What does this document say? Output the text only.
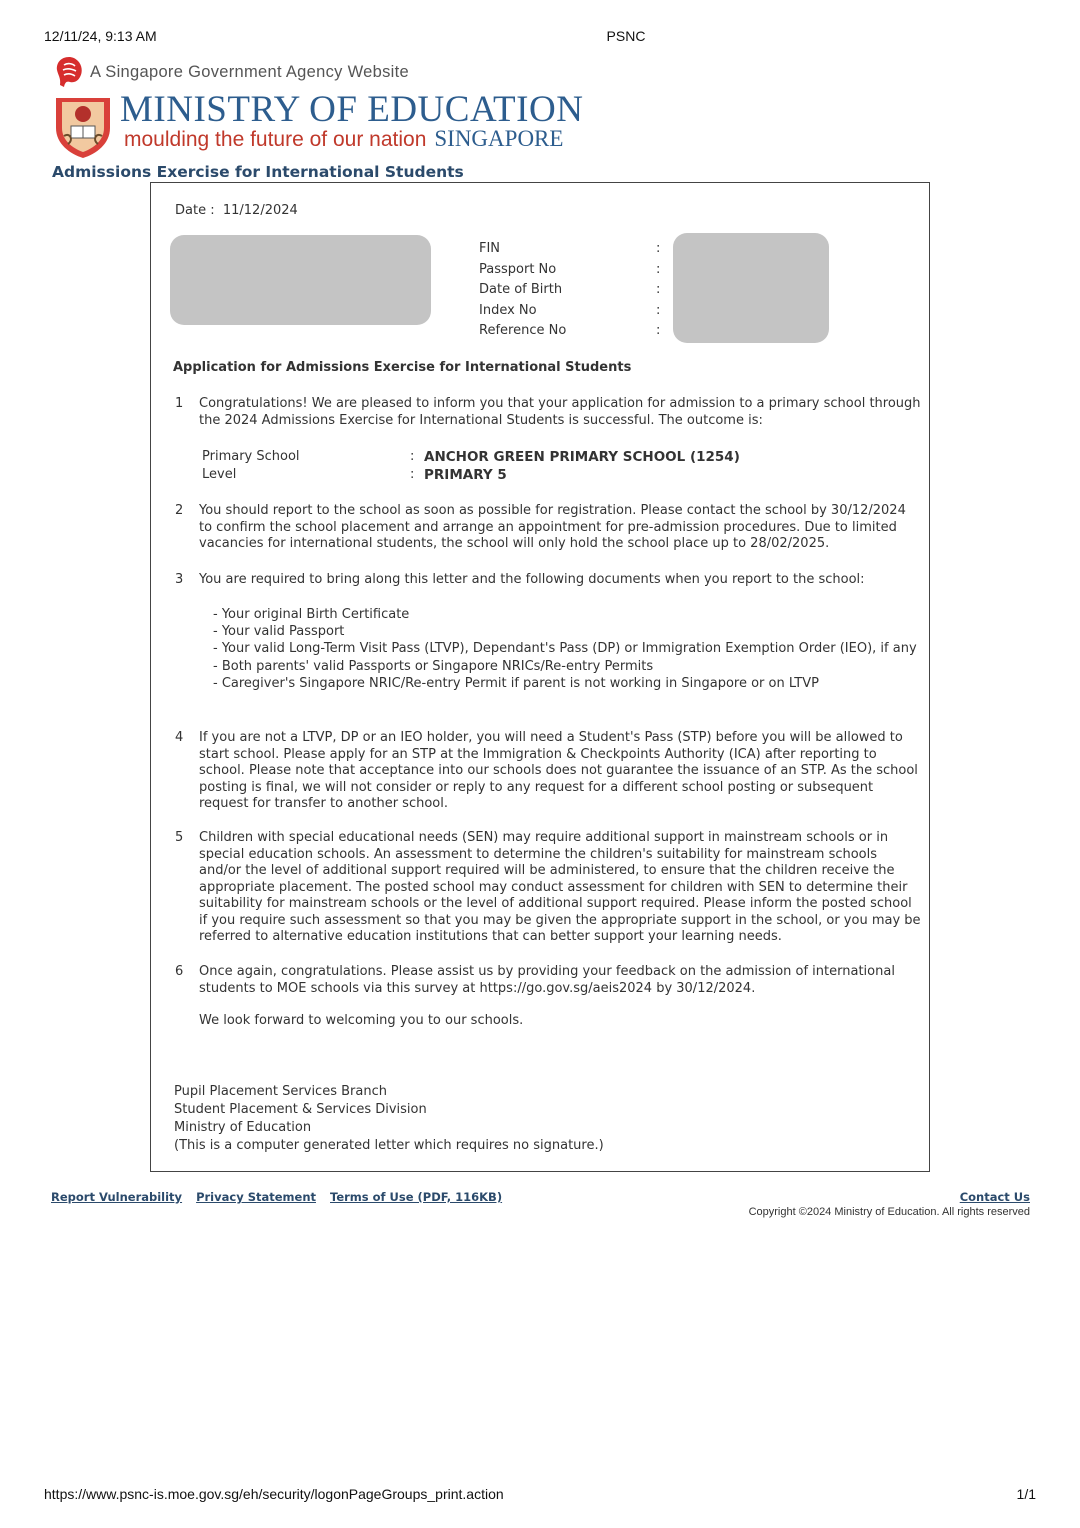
12/11/24, 9:13 AM	PSNC
A Singapore Government Agency Website
MINISTRY OF EDUCATION
moulding the future of our nation SINGAPORE
Admissions Exercise for International Students
Date : 11/12/2024
FIN	:
Passport No	:
Date of Birth	:
Index No	:
Reference No	:
Application for Admissions Exercise for International Students
1 Congratulations! We are pleased to inform you that your application for admission to a primary school through the 2024 Admissions Exercise for International Students is successful. The outcome is:

Primary School	: ANCHOR GREEN PRIMARY SCHOOL (1254)
Level	: PRIMARY 5
2 You should report to the school as soon as possible for registration. Please contact the school by 30/12/2024 to confirm the school placement and arrange an appointment for pre-admission procedures. Due to limited vacancies for international students, the school will only hold the school place up to 28/02/2025.

3 You are required to bring along this letter and the following documents when you report to the school:

- Your original Birth Certificate
- Your valid Passport
- Your valid Long-Term Visit Pass (LTVP), Dependant's Pass (DP) or Immigration Exemption Order (IEO), if any
- Both parents' valid Passports or Singapore NRICs/Re-entry Permits
- Caregiver's Singapore NRIC/Re-entry Permit if parent is not working in Singapore or on LTVP
4 If you are not a LTVP, DP or an IEO holder, you will need a Student's Pass (STP) before you will be allowed to start school. Please apply for an STP at the Immigration & Checkpoints Authority (ICA) after reporting to school. Please note that acceptance into our schools does not guarantee the issuance of an STP. As the school posting is final, we will not consider or reply to any request for a different school posting or subsequent request for transfer to another school.

5 Children with special educational needs (SEN) may require additional support in mainstream schools or in special education schools. An assessment to determine the children's suitability for mainstream schools and/or the level of additional support required will be administered, to ensure that the children receive the appropriate placement. The posted school may conduct assessment for children with SEN to determine their suitability for mainstream schools or the level of additional support required. Please inform the posted school if you require such assessment so that you may be given the appropriate support in the school, or you may be referred to alternative education institutions that can better support your learning needs.

6 Once again, congratulations. Please assist us by providing your feedback on the admission of international students to MOE schools via this survey at https://go.gov.sg/aeis2024 by 30/12/2024.

We look forward to welcoming you to our schools.

Pupil Placement Services Branch
Student Placement & Services Division
Ministry of Education
(This is a computer generated letter which requires no signature.)
Report Vulnerability Privacy Statement Terms of Use (PDF, 116KB)	Contact Us
Copyright ©2024 Ministry of Education. All rights reserved
https://www.psnc-is.moe.gov.sg/eh/security/logonPageGroups_print.action	1/1
